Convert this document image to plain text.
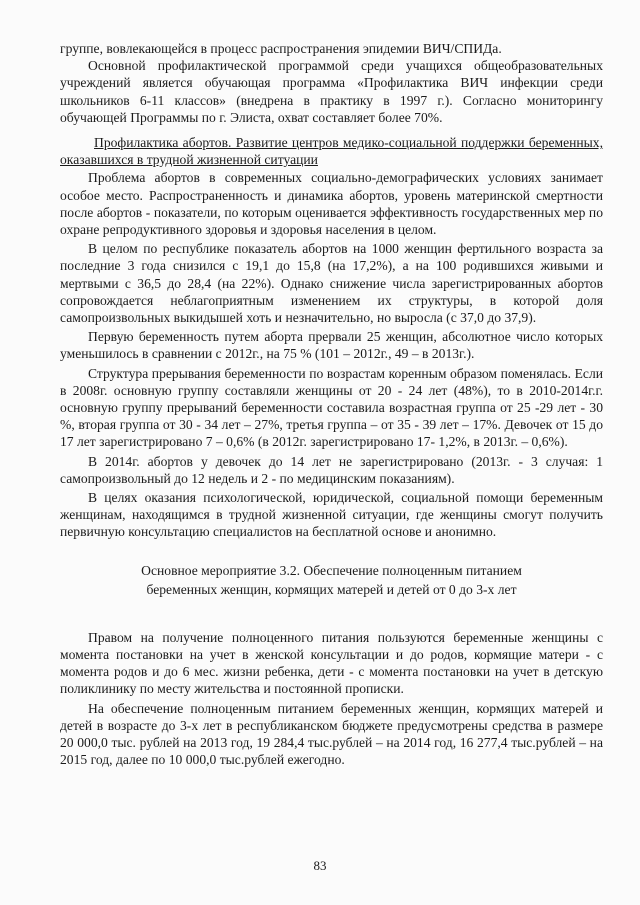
группе, вовлекающейся в процесс распространения эпидемии ВИЧ/СПИДа.

Основной профилактической программой среди учащихся общеобразовательных учреждений является обучающая программа «Профилактика ВИЧ инфекции среди школьников 6-11 классов» (внедрена в практику в 1997 г.). Согласно мониторингу обучающей Программы по г. Элиста, охват составляет более 70%.

Профилактика абортов. Развитие центров медико-социальной поддержки беременных, оказавшихся в трудной жизненной ситуации

Проблема абортов в современных социально-демографических условиях занимает особое место. Распространенность и динамика абортов, уровень материнской смертности после абортов - показатели, по которым оценивается эффективность государственных мер по охране репродуктивного здоровья и здоровья населения в целом.

В целом по республике показатель абортов на 1000 женщин фертильного возраста за последние 3 года снизился с 19,1 до 15,8 (на 17,2%), а на 100 родившихся живыми и мертвыми с 36,5 до 28,4 (на 22%). Однако снижение числа зарегистрированных абортов сопровождается неблагоприятным изменением их структуры, в которой доля самопроизвольных выкидышей хоть и незначительно, но выросла (с 37,0 до 37,9).

Первую беременность путем аборта прервали 25 женщин, абсолютное число которых уменьшилось в сравнении с 2012г., на 75 % (101 – 2012г., 49 – в 2013г.).

Структура прерывания беременности по возрастам коренным образом поменялась. Если в 2008г. основную группу составляли женщины от 20 - 24 лет (48%), то в 2010-2014г.г. основную группу прерываний беременности составила возрастная группа от 25 -29 лет - 30 %, вторая группа от 30 - 34 лет – 27%, третья группа – от 35 - 39 лет – 17%. Девочек от 15 до 17 лет зарегистрировано 7 – 0,6% (в 2012г. зарегистрировано 17- 1,2%, в 2013г. – 0,6%).

В 2014г. абортов у девочек до 14 лет не зарегистрировано (2013г. - 3 случая: 1 самопроизвольный до 12 недель и 2 - по медицинским показаниям).

В целях оказания психологической, юридической, социальной помощи беременным женщинам, находящимся в трудной жизненной ситуации, где женщины смогут получить первичную консультацию специалистов на бесплатной основе и анонимно.

Основное мероприятие 3.2. Обеспечение полноценным питанием
беременных женщин, кормящих матерей и детей от 0 до 3-х лет

Правом на получение полноценного питания пользуются беременные женщины с момента постановки на учет в женской консультации и до родов, кормящие матери - с момента родов и до 6 мес. жизни ребенка, дети - с момента постановки на учет в детскую поликлинику по месту жительства и постоянной прописки.

На обеспечение полноценным питанием беременных женщин, кормящих матерей и детей в возрасте до 3-х лет в республиканском бюджете предусмотрены средства в размере 20 000,0 тыс. рублей на 2013 год, 19 284,4 тыс.рублей – на 2014 год, 16 277,4 тыс.рублей – на 2015 год, далее по 10 000,0 тыс.рублей ежегодно.

83
